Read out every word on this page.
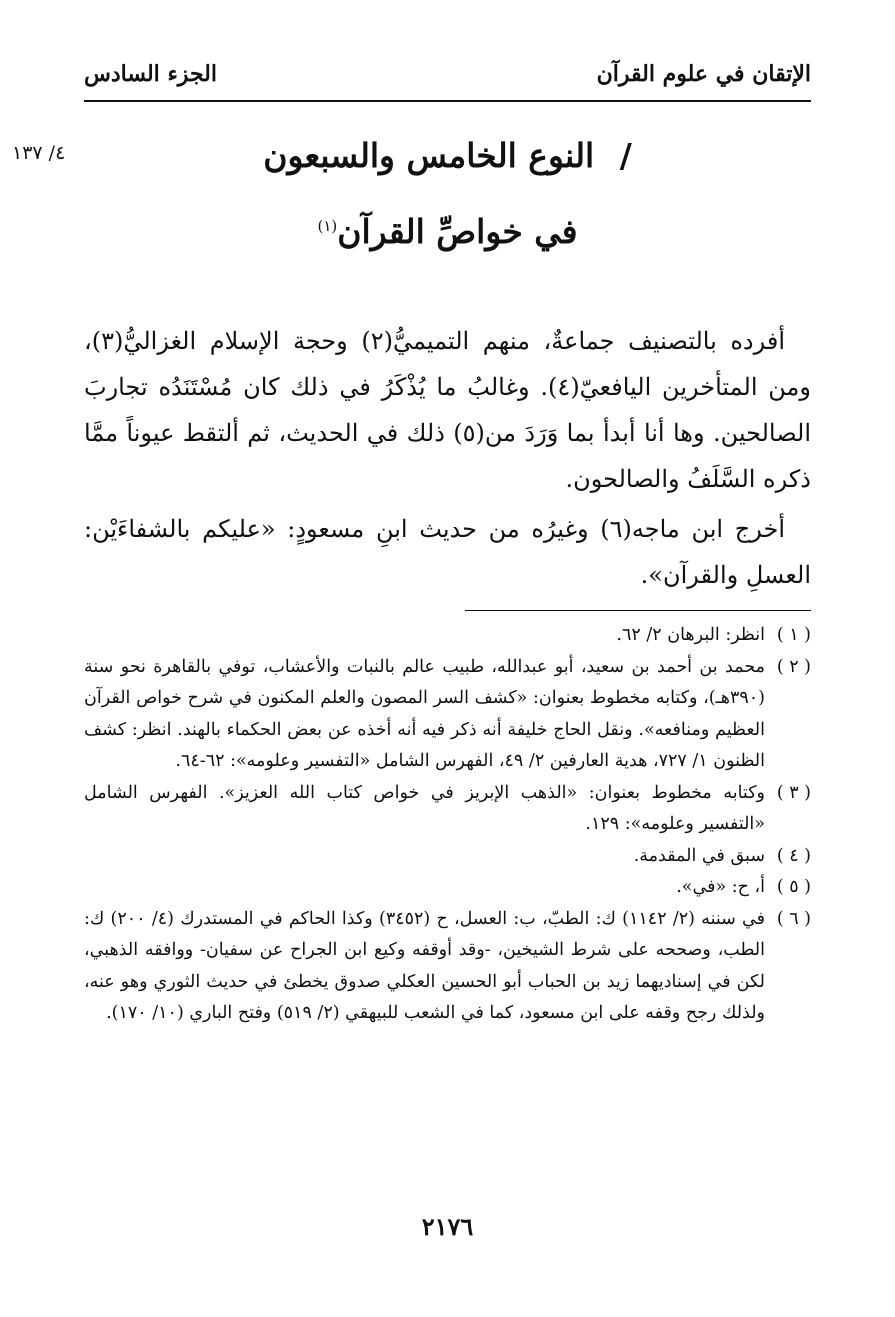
الإتقان في علوم القرآن
الجزء السادس
٤/ ١٣٧	/ النوع الخامس والسبعون
في خواصِّ القرآن$^{(١)}$

أفرده بالتصنيف جماعةٌ، منهم التميميُّ(٢) وحجة الإسلام الغزاليُّ(٣)، ومن المتأخرين اليافعيّ(٤). وغالبُ ما يُذْكَرُ في ذلك كان مُسْتَنَدُه تجاربَ الصالحين. وها أنا أبدأ بما وَرَدَ من(٥) ذلك في الحديث، ثم ألتقط عيوناً ممَّا ذكره السَّلَفُ والصالحون.

أخرج ابن ماجه(٦) وغيرُه من حديث ابنِ مسعودٍ: «عليكم بالشفاءَيْن: العسلِ والقرآن».

( ١ )
انظر: البرهان ٢/ ٦٢.
( ٢ )
محمد بن أحمد بن سعيد، أبو عبدالله، طبيب عالم بالنبات والأعشاب، توفي بالقاهرة نحو سنة (٣٩٠هـ)، وكتابه مخطوط بعنوان: «كشف السر المصون والعلم المكنون في شرح خواص القرآن العظيم ومنافعه». ونقل الحاج خليفة أنه ذكر فيه أنه أخذه عن بعض الحكماء بالهند. انظر: كشف الظنون ١/ ٧٢٧، هدية العارفين ٢/ ٤٩، الفهرس الشامل «التفسير وعلومه»: ٦٢-٦٤.
( ٣ )
وكتابه مخطوط بعنوان: «الذهب الإبريز في خواص كتاب الله العزيز». الفهرس الشامل «التفسير وعلومه»: ١٢٩.
( ٤ )
سبق في المقدمة.
( ٥ )
أ، ح: «في».
( ٦ )
في سننه (٢/ ١١٤٢) ك: الطبّ، ب: العسل، ح (٣٤٥٢) وكذا الحاكم في المستدرك (٤/ ٢٠٠) ك: الطب، وصححه على شرط الشيخين، -وقد أوقفه وكيع ابن الجراح عن سفيان- ووافقه الذهبي، لكن في إسناديهما زيد بن الحباب أبو الحسين العكلي صدوق يخطئ في حديث الثوري وهو عنه، ولذلك رجح وقفه على ابن مسعود، كما في الشعب للبيهقي (٢/ ٥١٩) وفتح الباري (١٠/ ١٧٠).
٢١٧٦
